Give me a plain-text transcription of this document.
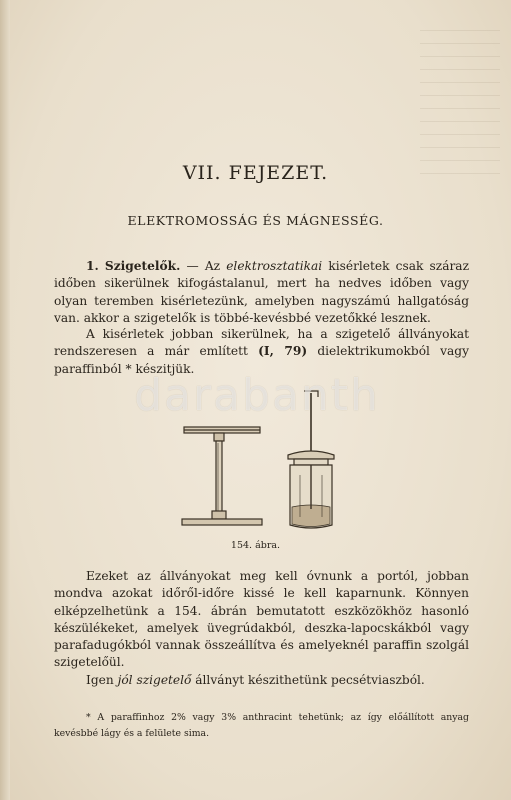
VII. FEJEZET.
ELEKTROMOSSÁG ÉS MÁGNESSÉG.
1. Szigetelők. — Az elektrosztatikai kisérletek csak száraz időben sikerülnek kifogástalanul, mert ha nedves időben vagy olyan teremben kisérletezünk, amelyben nagyszámú hallgatóság van. akkor a szigetelők is többé-kevésbbé vezetőkké lesznek.
A kisérletek jobban sikerülnek, ha a szigetelő állványokat rendszeresen a már említett (I, 79) dielektrikumokból vagy paraffinból * készitjük.
154. ábra.
Ezeket az állványokat meg kell óvnunk a portól, jobban mondva azokat időről-időre kissé le kell kaparnunk. Könnyen elképzelhetünk a 154. ábrán bemutatott eszközökhöz hasonló készülékeket, amelyek üvegrúdakból, deszka-lapocskákból vagy parafadugókból vannak összeállítva és amelyeknél paraffin szolgál szigetelőül.
Igen jól szigetelő állványt készithetünk pecsétviaszból.
* A paraffinhoz 2% vagy 3% anthracint tehetünk; az így előállított anyag kevésbbé lágy és a felülete sima.
darabanth
